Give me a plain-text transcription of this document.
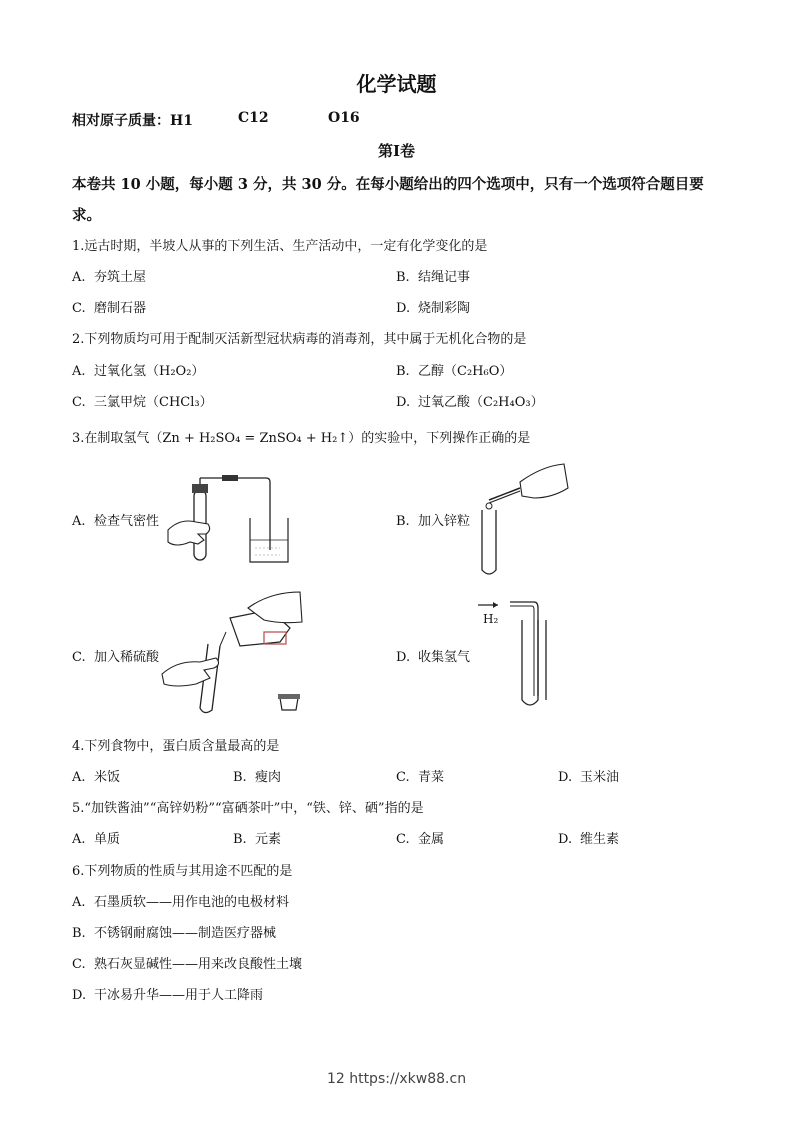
化学试题
相对原子质量：H1	C12	O16
第Ⅰ卷
本卷共 10 小题，每小题 3 分，共 30 分。在每小题给出的四个选项中，只有一个选项符合题目要求。
1.远古时期，半坡人从事的下列生活、生产活动中，一定有化学变化的是
A. 夯筑土屋	B. 结绳记事
C. 磨制石器	D. 烧制彩陶
2.下列物质均可用于配制灭活新型冠状病毒的消毒剂，其中属于无机化合物的是
A. 过氧化氢（H₂O₂）	B. 乙醇（C₂H₆O）
C. 三氯甲烷（CHCl₃）	D. 过氧乙酸（C₂H₄O₃）
3.在制取氢气（Zn + H₂SO₄ = ZnSO₄ + H₂↑）的实验中，下列操作正确的是
A. 检查气密性	B. 加入锌粒
C. 加入稀硫酸	D. 收集氢气
H₂
4.下列食物中，蛋白质含量最高的是
A. 米饭	B. 瘦肉	C. 青菜	D. 玉米油
5.“加铁酱油”“高锌奶粉”“富硒茶叶”中，“铁、锌、硒”指的是
A. 单质	B. 元素	C. 金属	D. 维生素
6.下列物质的性质与其用途不匹配的是
A. 石墨质软——用作电池的电极材料
B. 不锈钢耐腐蚀——制造医疗器械
C. 熟石灰显碱性——用来改良酸性土壤
D. 干冰易升华——用于人工降雨
12 https://xkw88.cn
